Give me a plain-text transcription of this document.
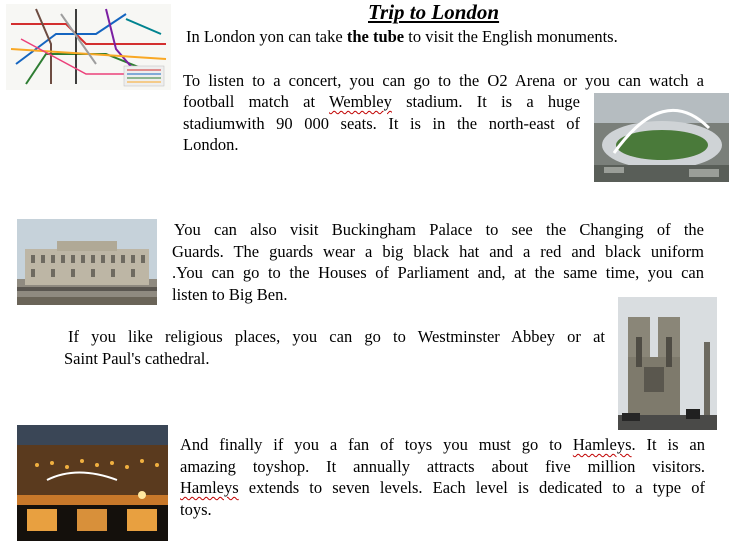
Trip to London
In London yon can take the tube to visit the English monuments.
To listen to a concert, you can go to the O2 Arena or you can watch a
football match at Wembley stadium. It is a huge
stadiumwith 90 000 seats. It is in the north-east of
London.
You can also visit Buckingham Palace to see the Changing of the
Guards. The guards wear a big black hat and a red and black uniform
.You can go to the Houses of Parliament and, at the same time, you can
listen to Big Ben.
If you like religious places, you can go to Westminster Abbey or at
Saint Paul's cathedral.
And finally if you a fan of toys you must go to Hamleys. It is an
amazing toyshop. It annually attracts about five million visitors.
Hamleys extends to seven levels. Each level is dedicated to a type of
toys.
